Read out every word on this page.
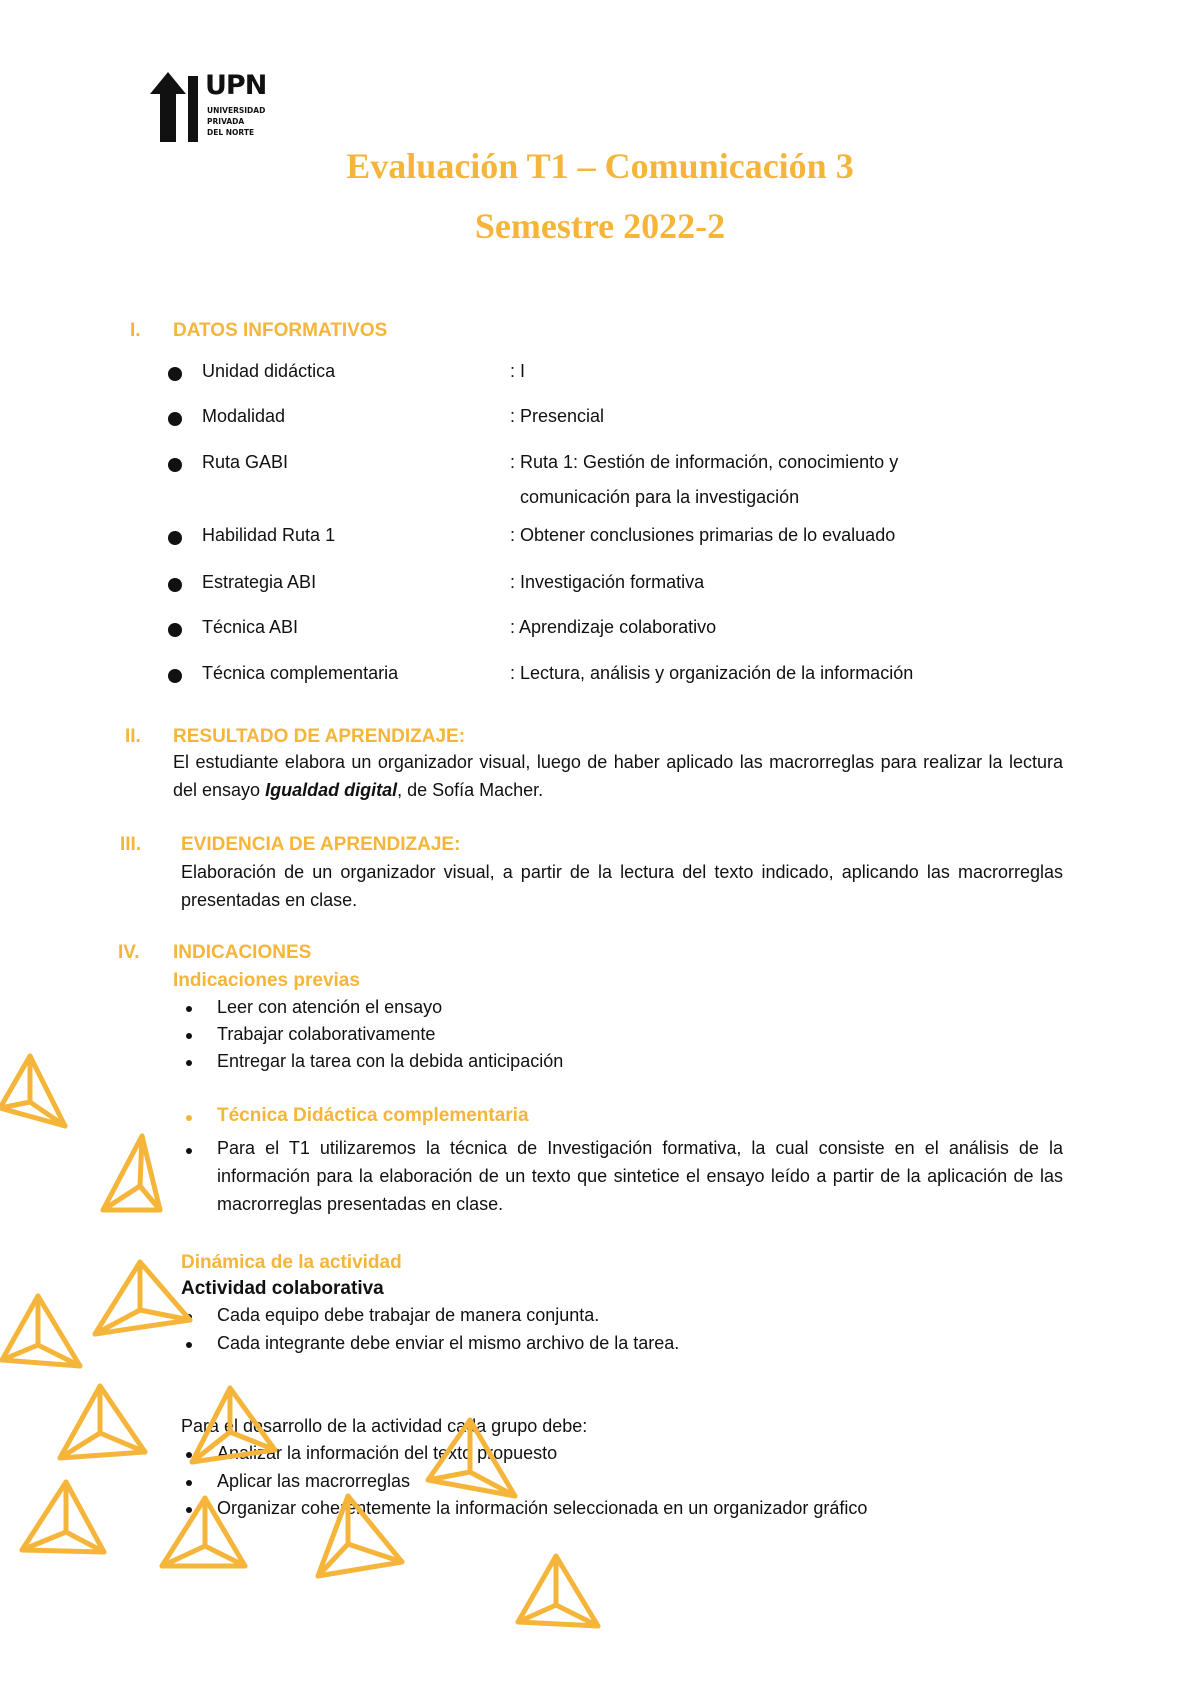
UPN
UNIVERSIDAD
PRIVADA
DEL NORTE
Evaluación T1 – Comunicación 3
Semestre 2022-2
I. DATOS INFORMATIVOS
Unidad didáctica	: I
Modalidad	: Presencial
Ruta GABI	: Ruta 1: Gestión de información, conocimiento y
comunicación para la investigación
Habilidad Ruta 1	: Obtener conclusiones primarias de lo evaluado
Estrategia ABI	: Investigación formativa
Técnica ABI	: Aprendizaje colaborativo
Técnica complementaria	: Lectura, análisis y organización de la información
II. RESULTADO DE APRENDIZAJE:
El estudiante elabora un organizador visual, luego de haber aplicado las macrorreglas para realizar la lectura del ensayo Igualdad digital, de Sofía Macher.
III. EVIDENCIA DE APRENDIZAJE:
Elaboración de un organizador visual, a partir de la lectura del texto indicado, aplicando las macrorreglas presentadas en clase.
IV. INDICACIONES
Indicaciones previas
Leer con atención el ensayo
Trabajar colaborativamente
Entregar la tarea con la debida anticipación
Técnica Didáctica complementaria
Para el T1 utilizaremos la técnica de Investigación formativa, la cual consiste en el análisis de la información para la elaboración de un texto que sintetice el ensayo leído a partir de la aplicación de las macrorreglas presentadas en clase.
Dinámica de la actividad
Actividad colaborativa
Cada equipo debe trabajar de manera conjunta.
Cada integrante debe enviar el mismo archivo de la tarea.
Para el desarrollo de la actividad cada grupo debe:
Analizar la información del texto propuesto
Aplicar las macrorreglas
Organizar coherentemente la información seleccionada en un organizador gráfico
